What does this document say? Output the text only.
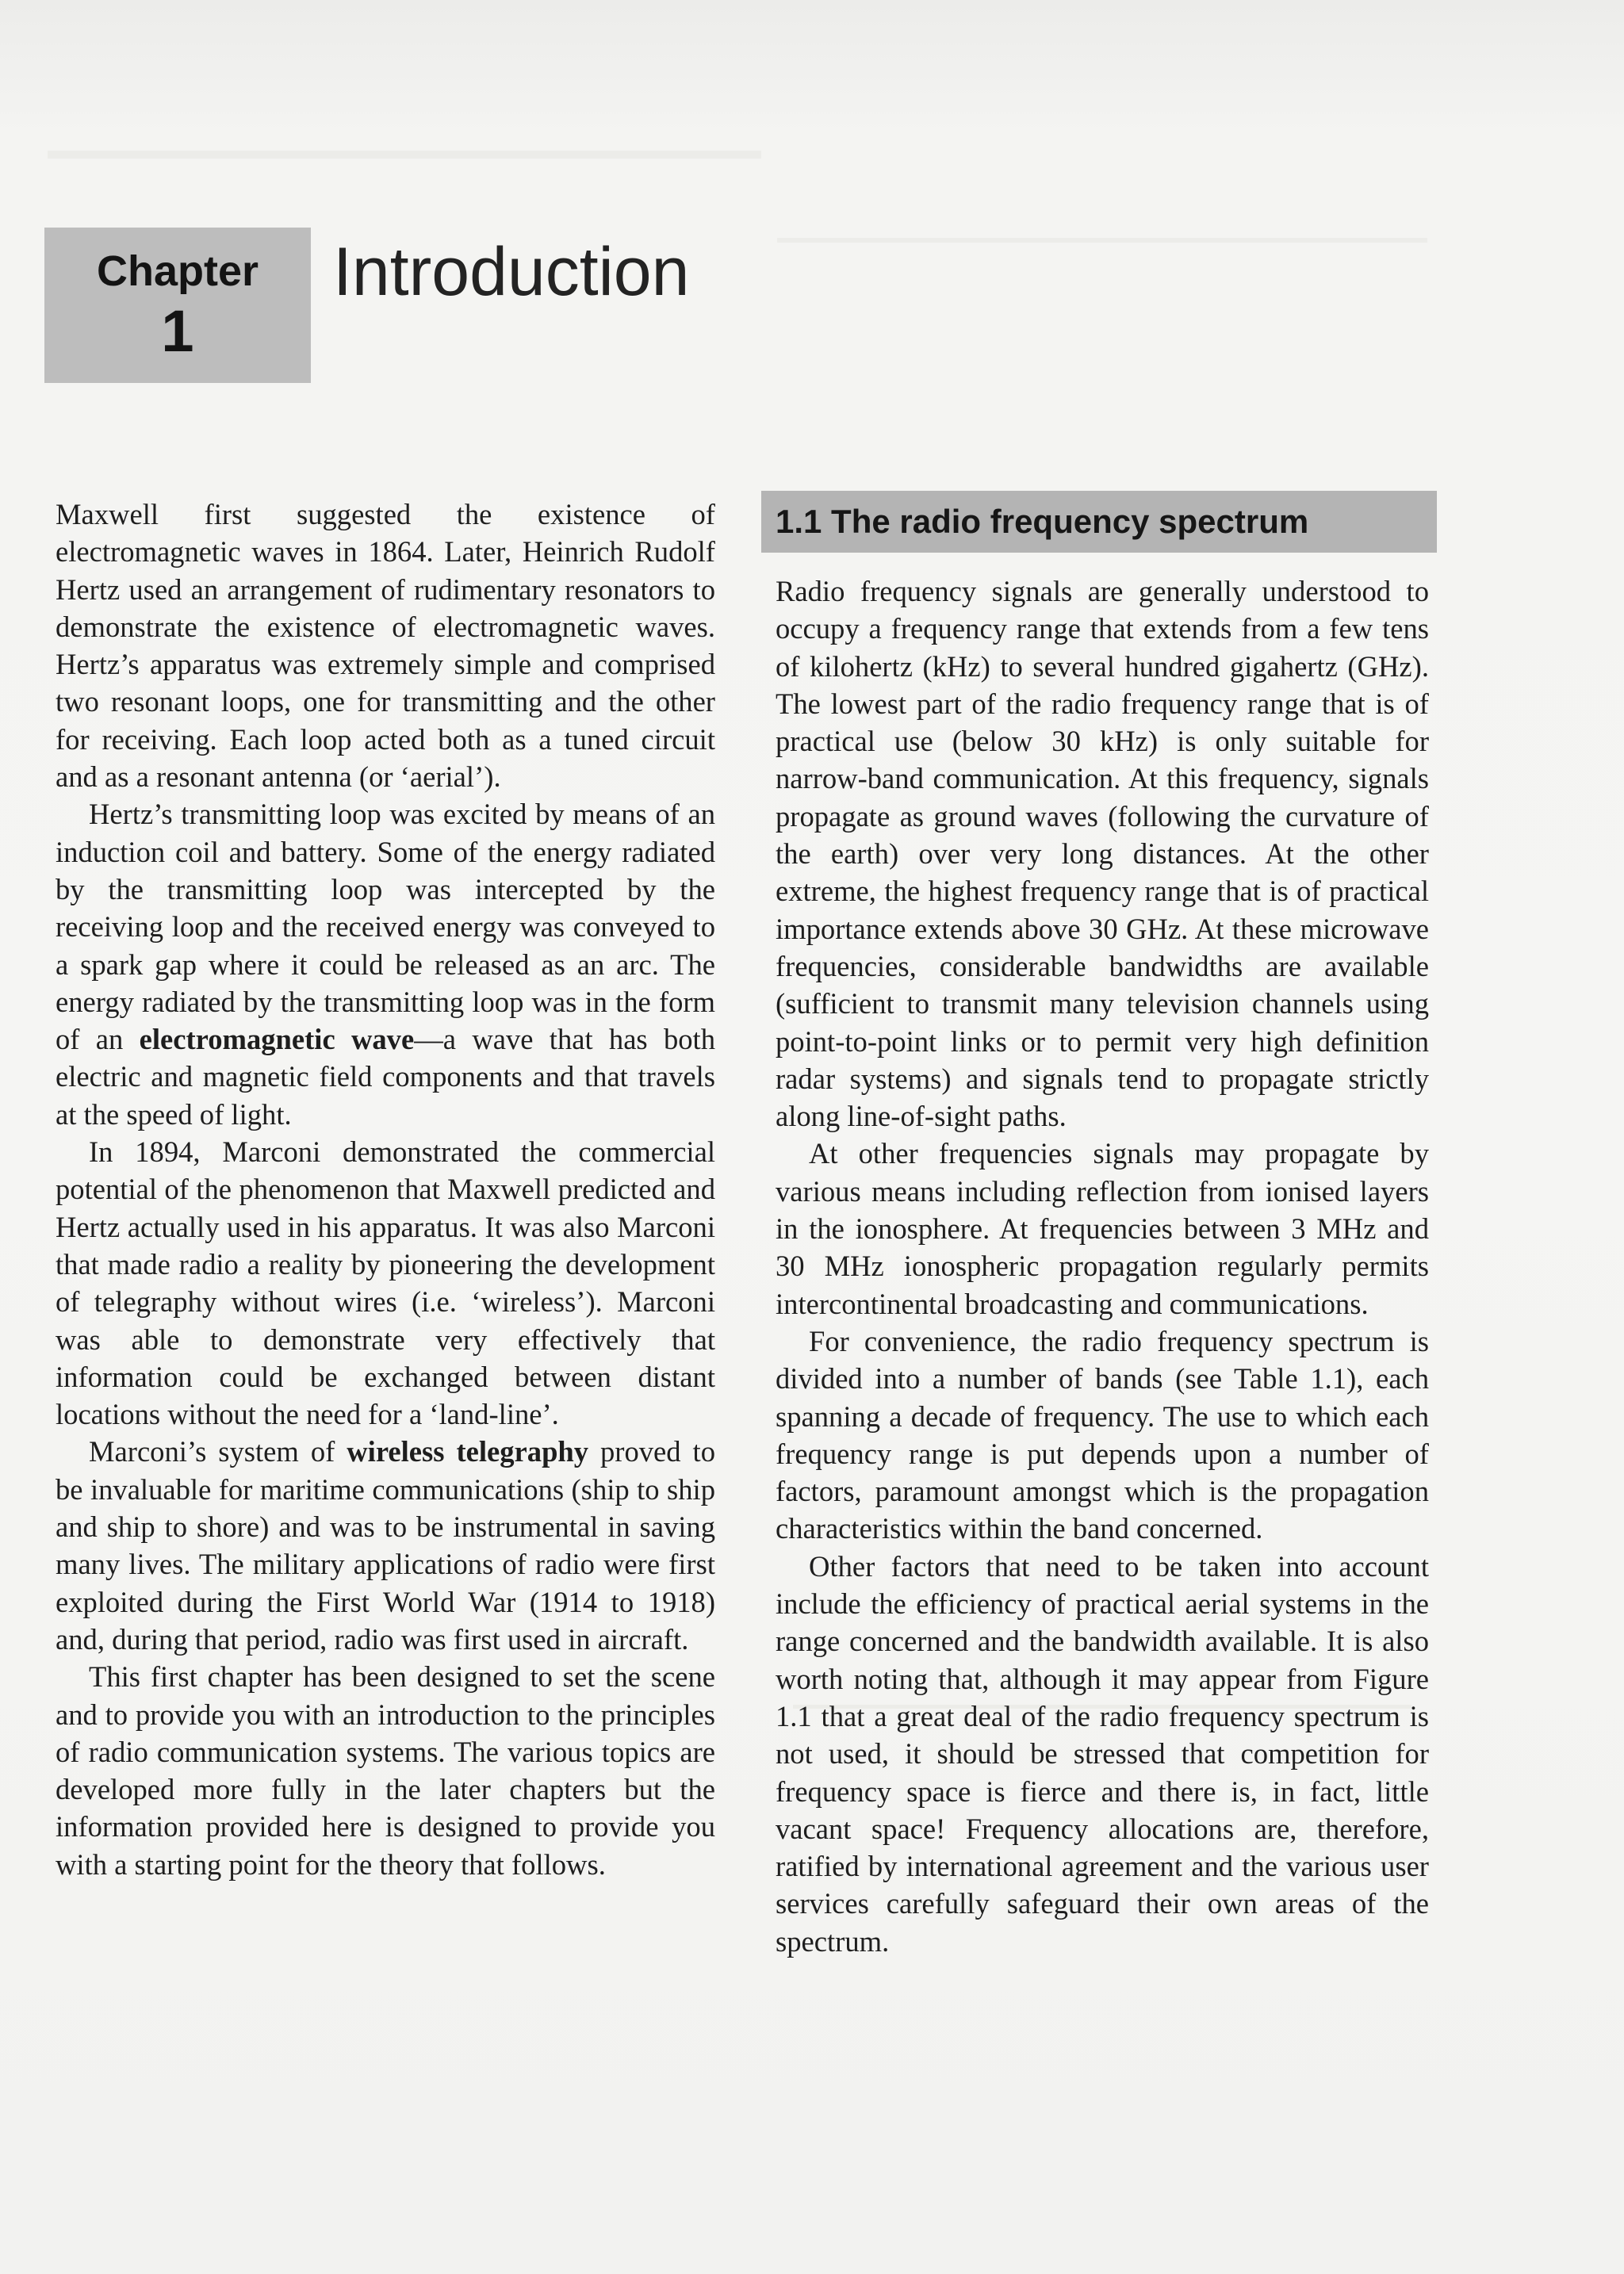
Chapter
1
Introduction

Maxwell first suggested the existence of electromagnetic waves in 1864. Later, Heinrich Rudolf Hertz used an arrangement of rudimentary resonators to demonstrate the existence of electromagnetic waves. Hertz’s apparatus was extremely simple and comprised two resonant loops, one for transmitting and the other for receiving. Each loop acted both as a tuned circuit and as a resonant antenna (or ‘aerial’).

Hertz’s transmitting loop was excited by means of an induction coil and battery. Some of the energy radiated by the transmitting loop was intercepted by the receiving loop and the received energy was conveyed to a spark gap where it could be released as an arc. The energy radiated by the transmitting loop was in the form of an electromagnetic wave—a wave that has both electric and magnetic field components and that travels at the speed of light.

In 1894, Marconi demonstrated the commercial potential of the phenomenon that Maxwell predicted and Hertz actually used in his apparatus. It was also Marconi that made radio a reality by pioneering the development of telegraphy without wires (i.e. ‘wireless’). Marconi was able to demonstrate very effectively that information could be exchanged between distant locations without the need for a ‘land-line’.

Marconi’s system of wireless telegraphy proved to be invaluable for maritime communications (ship to ship and ship to shore) and was to be instrumental in saving many lives. The military applications of radio were first exploited during the First World War (1914 to 1918) and, during that period, radio was first used in aircraft.

This first chapter has been designed to set the scene and to provide you with an introduction to the principles of radio communication systems. The various topics are developed more fully in the later chapters but the information provided here is designed to provide you with a starting point for the theory that follows.

1.1 The radio frequency spectrum

Radio frequency signals are generally understood to occupy a frequency range that extends from a few tens of kilohertz (kHz) to several hundred gigahertz (GHz). The lowest part of the radio frequency range that is of practical use (below 30 kHz) is only suitable for narrow-band communication. At this frequency, signals propagate as ground waves (following the curvature of the earth) over very long distances. At the other extreme, the highest frequency range that is of practical importance extends above 30 GHz. At these microwave frequencies, considerable bandwidths are available (sufficient to transmit many television channels using point-to-point links or to permit very high definition radar systems) and signals tend to propagate strictly along line-of-sight paths.

At other frequencies signals may propagate by various means including reflection from ionised layers in the ionosphere. At frequencies between 3 MHz and 30 MHz ionospheric propagation regularly permits intercontinental broadcasting and communications.

For convenience, the radio frequency spectrum is divided into a number of bands (see Table 1.1), each spanning a decade of frequency. The use to which each frequency range is put depends upon a number of factors, paramount amongst which is the propagation characteristics within the band concerned.

Other factors that need to be taken into account include the efficiency of practical aerial systems in the range concerned and the bandwidth available. It is also worth noting that, although it may appear from Figure 1.1 that a great deal of the radio frequency spectrum is not used, it should be stressed that competition for frequency space is fierce and there is, in fact, little vacant space! Frequency allocations are, therefore, ratified by international agreement and the various user services carefully safeguard their own areas of the spectrum.
